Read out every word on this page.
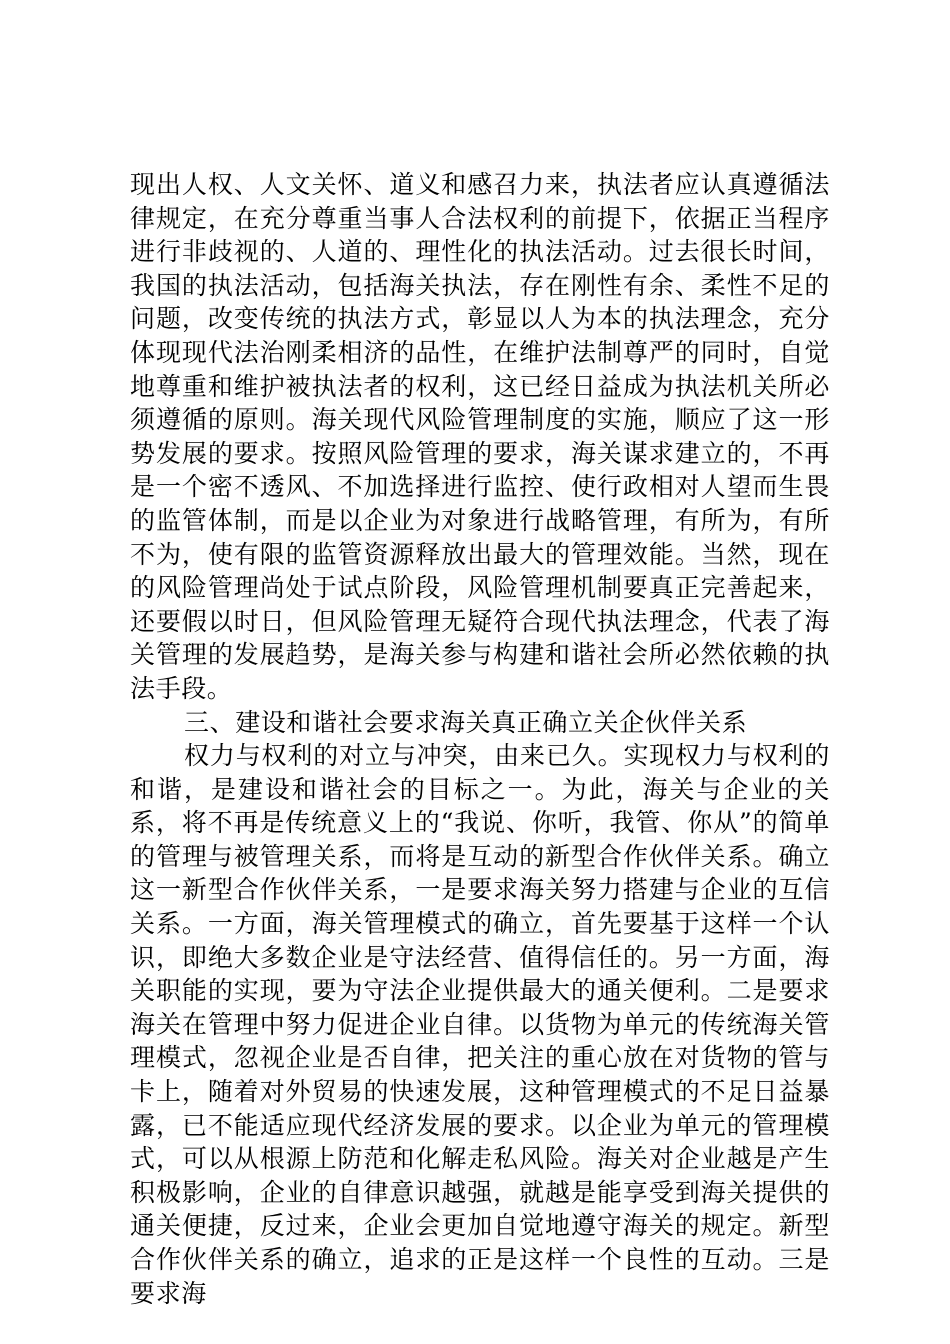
现出人权、人文关怀、道义和感召力来，执法者应认真遵循法律规定，在充分尊重当事人合法权利的前提下，依据正当程序进行非歧视的、人道的、理性化的执法活动。过去很长时间，我国的执法活动，包括海关执法，存在刚性有余、柔性不足的问题，改变传统的执法方式，彰显以人为本的执法理念，充分体现现代法治刚柔相济的品性，在维护法制尊严的同时，自觉地尊重和维护被执法者的权利，这已经日益成为执法机关所必须遵循的原则。海关现代风险管理制度的实施，顺应了这一形势发展的要求。按照风险管理的要求，海关谋求建立的，不再是一个密不透风、不加选择进行监控、使行政相对人望而生畏的监管体制，而是以企业为对象进行战略管理，有所为，有所不为，使有限的监管资源释放出最大的管理效能。当然，现在的风险管理尚处于试点阶段，风险管理机制要真正完善起来，还要假以时日，但风险管理无疑符合现代执法理念，代表了海关管理的发展趋势，是海关参与构建和谐社会所必然依赖的执法手段。

三、建设和谐社会要求海关真正确立关企伙伴关系

权力与权利的对立与冲突，由来已久。实现权力与权利的和谐，是建设和谐社会的目标之一。为此，海关与企业的关系，将不再是传统意义上的“我说、你听，我管、你从”的简单的管理与被管理关系，而将是互动的新型合作伙伴关系。确立这一新型合作伙伴关系，一是要求海关努力搭建与企业的互信关系。一方面，海关管理模式的确立，首先要基于这样一个认识，即绝大多数企业是守法经营、值得信任的。另一方面，海关职能的实现，要为守法企业提供最大的通关便利。二是要求海关在管理中努力促进企业自律。以货物为单元的传统海关管理模式，忽视企业是否自律，把关注的重心放在对货物的管与卡上，随着对外贸易的快速发展，这种管理模式的不足日益暴露，已不能适应现代经济发展的要求。以企业为单元的管理模式，可以从根源上防范和化解走私风险。海关对企业越是产生积极影响，企业的自律意识越强，就越是能享受到海关提供的通关便捷，反过来，企业会更加自觉地遵守海关的规定。新型合作伙伴关系的确立，追求的正是这样一个良性的互动。三是要求海
